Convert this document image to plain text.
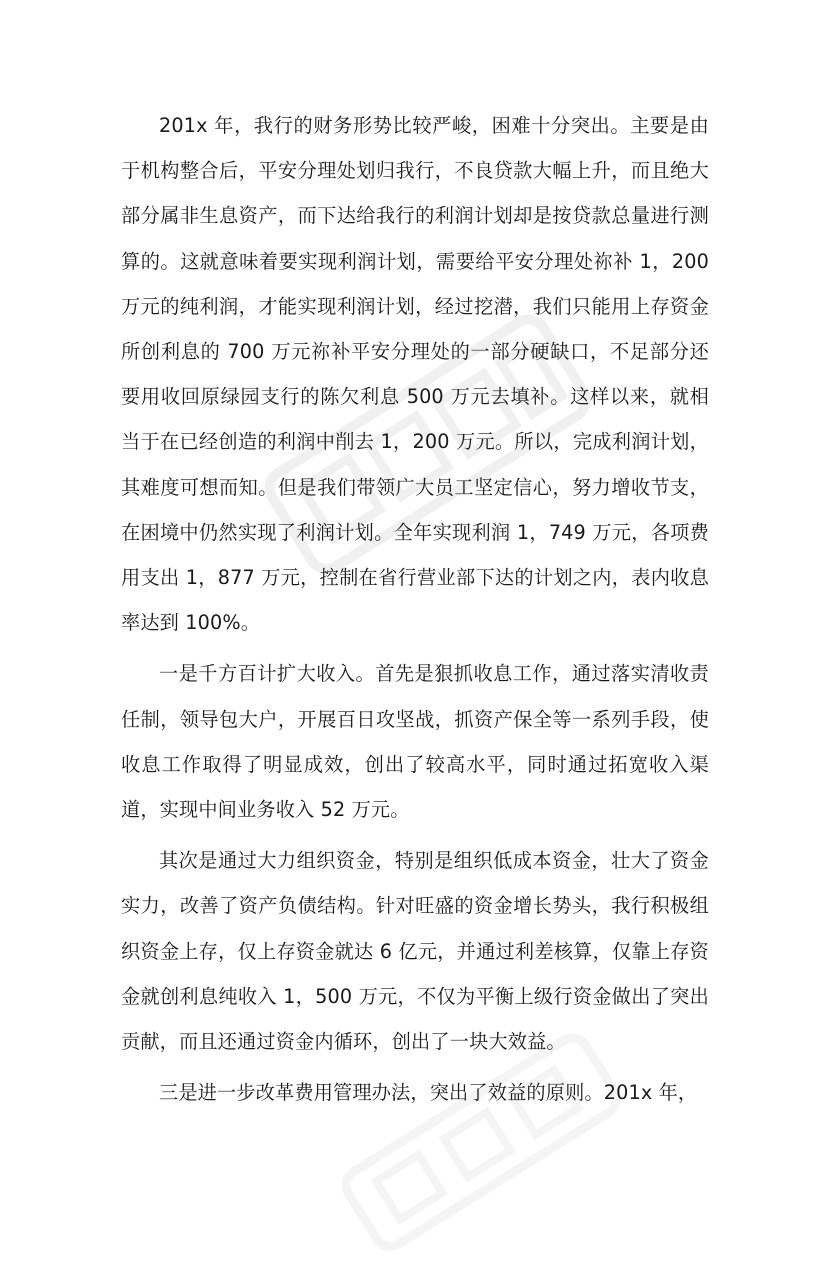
201x 年，我行的财务形势比较严峻，困难十分突出。主要是由于机构整合后，平安分理处划归我行，不良贷款大幅上升，而且绝大部分属非生息资产，而下达给我行的利润计划却是按贷款总量进行测算的。这就意味着要实现利润计划，需要给平安分理处祢补 1，200万元的纯利润，才能实现利润计划，经过挖潜，我们只能用上存资金所创利息的 700 万元祢补平安分理处的一部分硬缺口，不足部分还要用收回原绿园支行的陈欠利息 500 万元去填补。这样以来，就相当于在已经创造的利润中削去 1，200 万元。所以，完成利润计划，其难度可想而知。但是我们带领广大员工坚定信心，努力增收节支，在困境中仍然实现了利润计划。全年实现利润 1，749 万元，各项费用支出 1，877 万元，控制在省行营业部下达的计划之内，表内收息率达到 100%。

一是千方百计扩大收入。首先是狠抓收息工作，通过落实清收责任制，领导包大户，开展百日攻坚战，抓资产保全等一系列手段，使收息工作取得了明显成效，创出了较高水平，同时通过拓宽收入渠道，实现中间业务收入 52 万元。

其次是通过大力组织资金，特别是组织低成本资金，壮大了资金实力，改善了资产负债结构。针对旺盛的资金增长势头，我行积极组织资金上存，仅上存资金就达 6 亿元，并通过利差核算，仅靠上存资金就创利息纯收入 1，500 万元，不仅为平衡上级行资金做出了突出贡献，而且还通过资金内循环，创出了一块大效益。

三是进一步改革费用管理办法，突出了效益的原则。201x 年，
